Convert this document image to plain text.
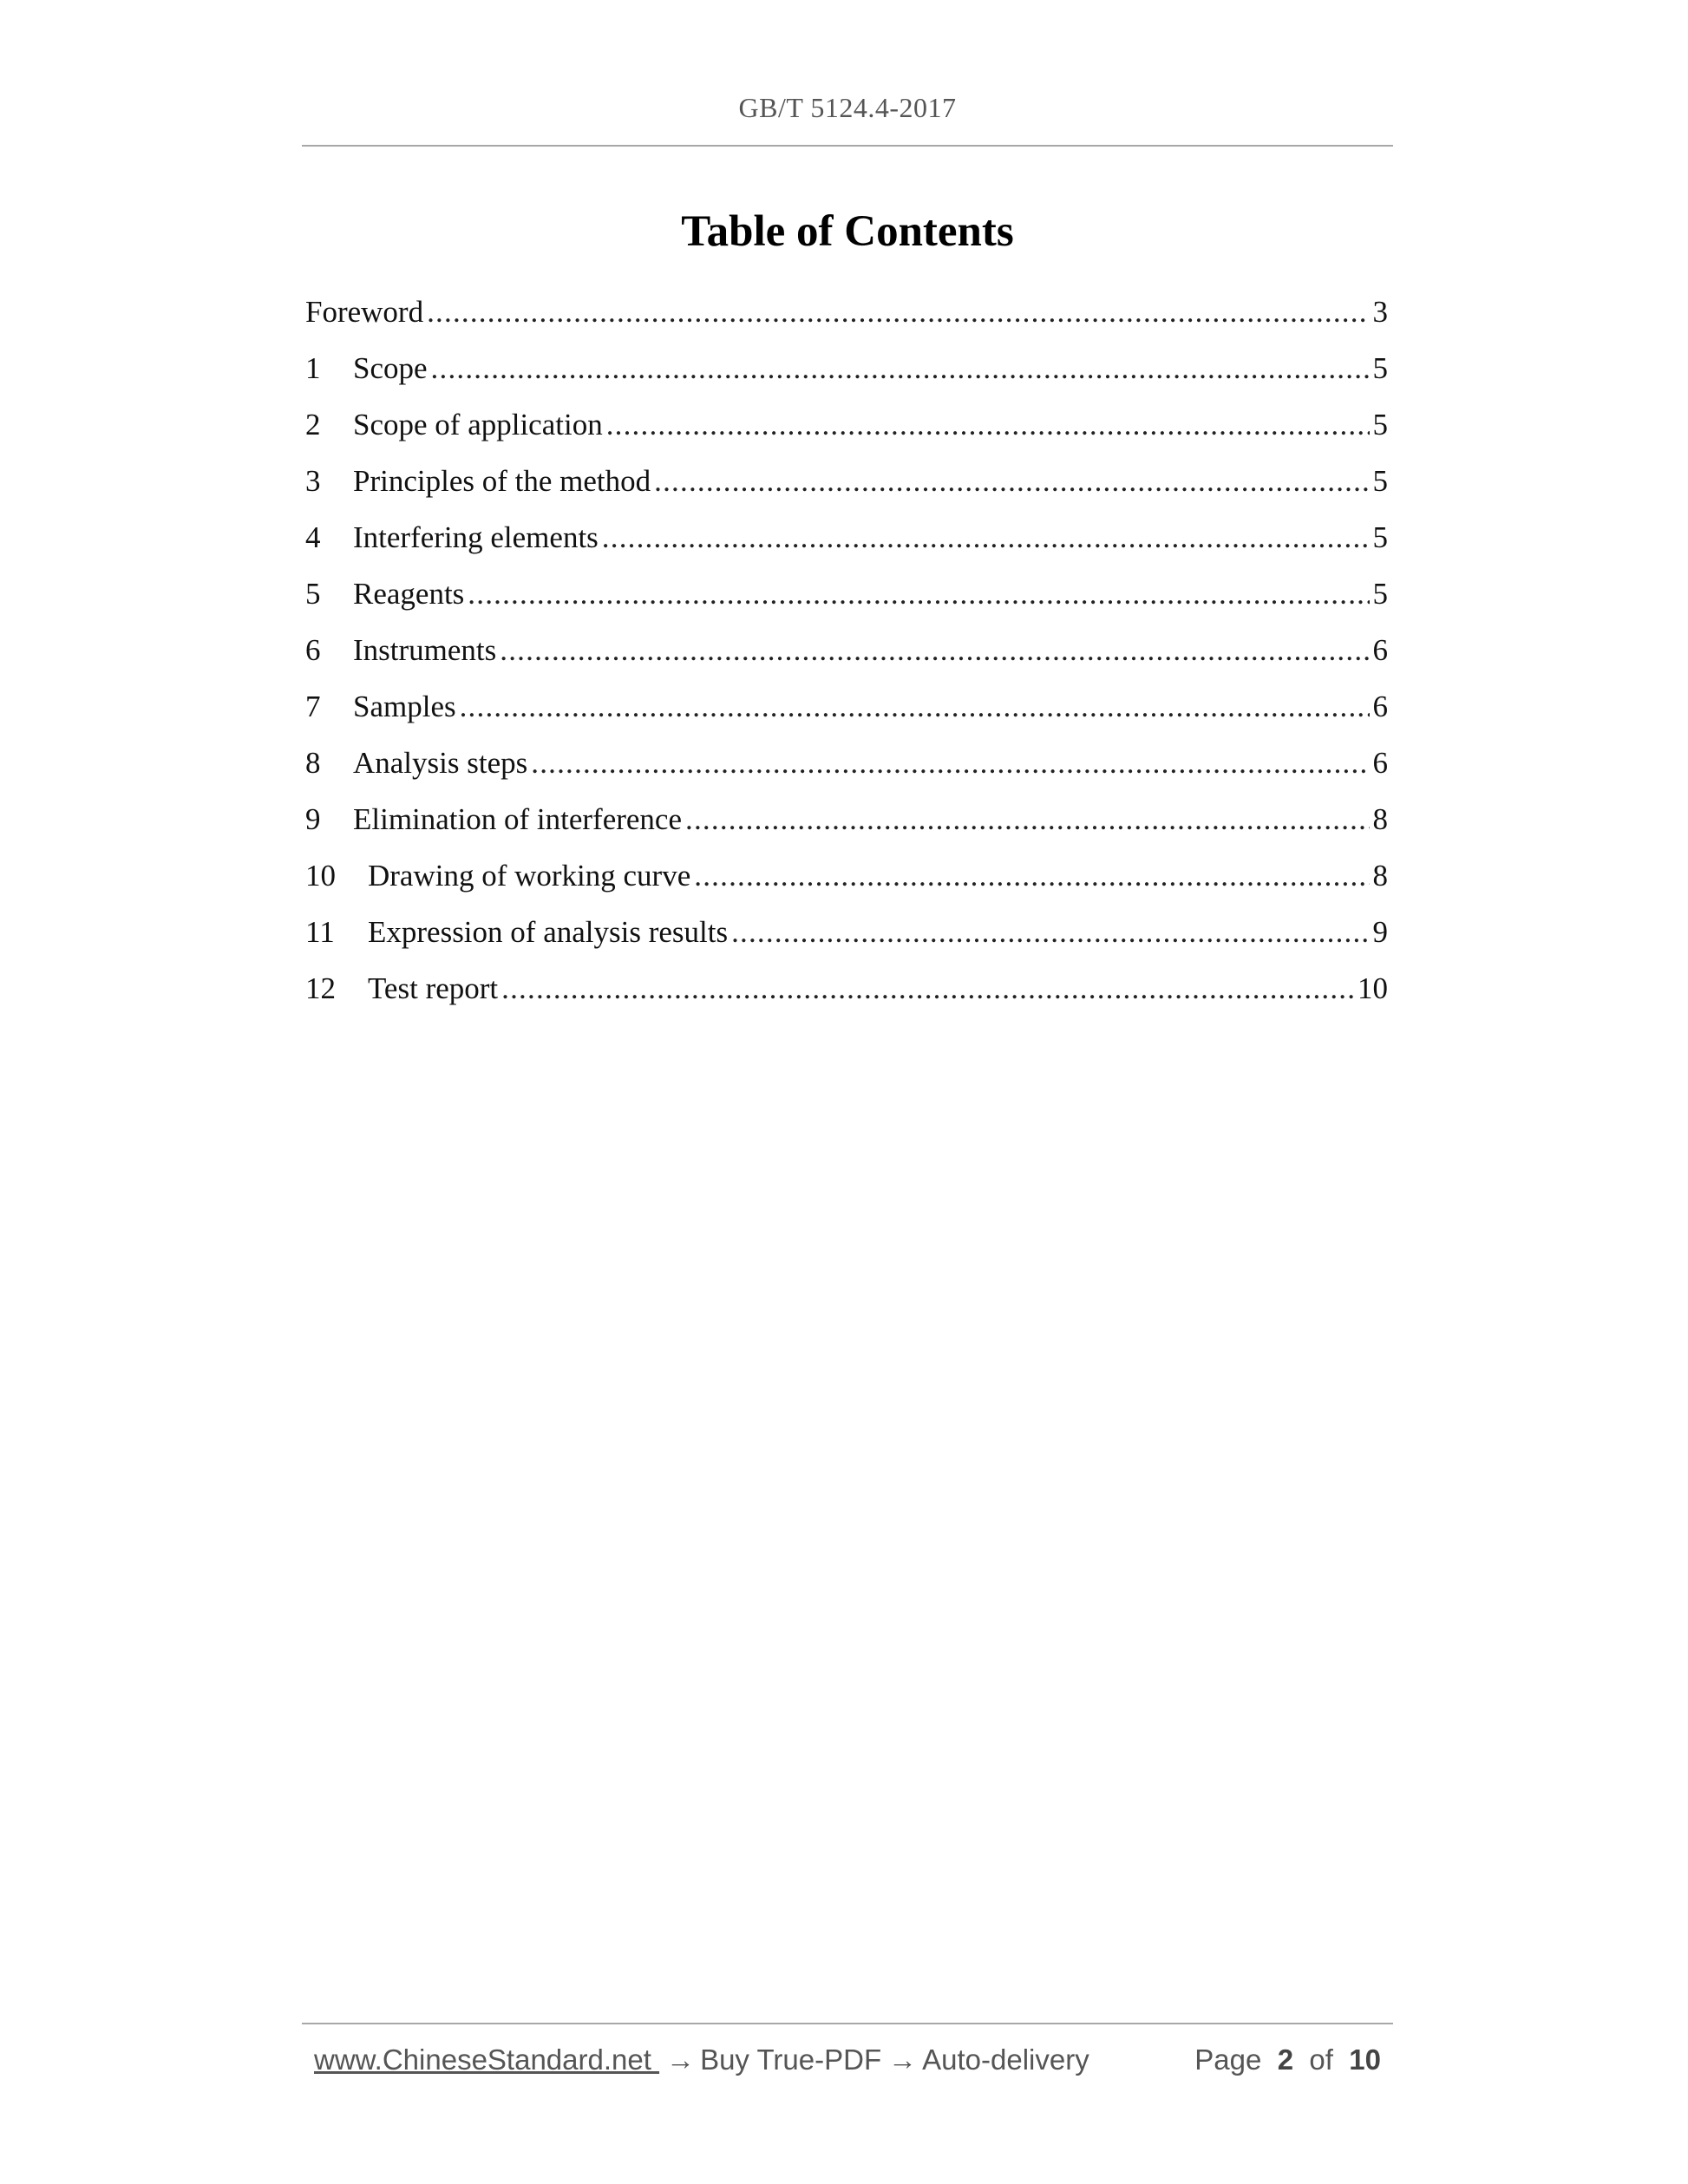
GB/T 5124.4-2017
Table of Contents
Foreword .....	3
1	Scope .....	5
2	Scope of application .....	5
3	Principles of the method .....	5
4	Interfering elements .....	5
5	Reagents .....	5
6	Instruments .....	6
7	Samples .....	6
8	Analysis steps .....	6
9	Elimination of interference .....	8
10	Drawing of working curve .....	8
11	Expression of analysis results .....	9
12	Test report .....	10
www.ChineseStandard.net → Buy True-PDF → Auto-delivery	Page 2 of 10
